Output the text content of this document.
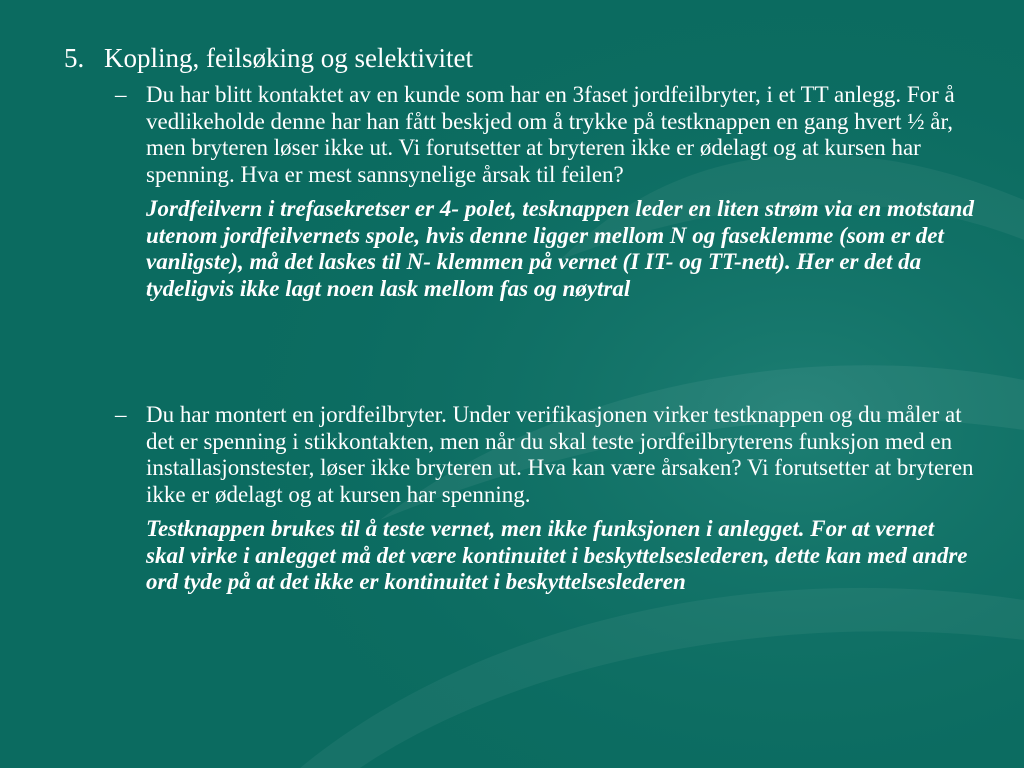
5. Kopling, feilsøking og selektivitet
– Du har blitt kontaktet av en kunde som har en 3faset jordfeilbryter, i et TT anlegg. For å vedlikeholde denne har han fått beskjed om å trykke på testknappen en gang hvert ½ år, men bryteren løser ikke ut. Vi forutsetter at bryteren ikke er ødelagt og at kursen har spenning. Hva er mest sannsynelige årsak til feilen?
Jordfeilvern i trefasekretser er 4- polet, tesknappen leder en liten strøm via en motstand utenom jordfeilvernets spole, hvis denne ligger mellom N og faseklemme (som er det vanligste), må det laskes til N- klemmen på vernet (I IT- og TT-nett). Her er det da tydeligvis ikke lagt noen lask mellom fas og nøytral
– Du har montert en jordfeilbryter. Under verifikasjonen virker testknappen og du måler at det er spenning i stikkontakten, men når du skal teste jordfeilbryterens funksjon med en installasjonstester, løser ikke bryteren ut. Hva kan være årsaken? Vi forutsetter at bryteren ikke er ødelagt og at kursen har spenning.
Testknappen brukes til å teste vernet, men ikke funksjonen i anlegget. For at vernet skal virke i anlegget må det være kontinuitet i beskyttelseslederen, dette kan med andre ord tyde på at det ikke er kontinuitet i beskyttelseslederen
